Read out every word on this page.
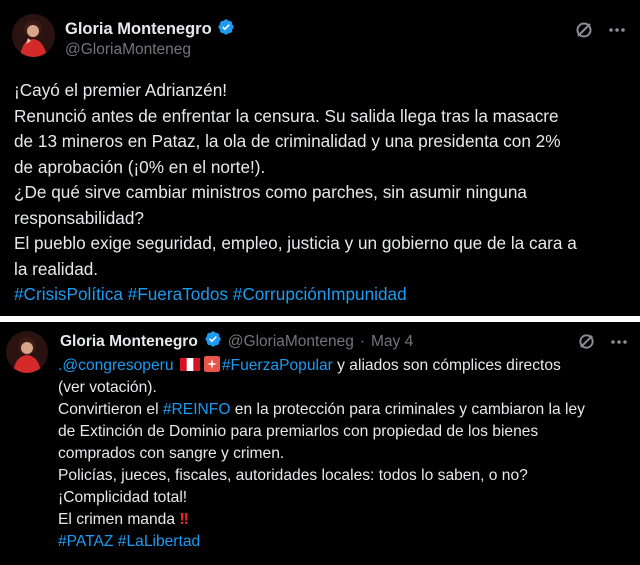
Gloria Montenegro
@GloriaMonteneg
¡Cayó el premier Adrianzén!
Renunció antes de enfrentar la censura. Su salida llega tras la masacre
de 13 mineros en Pataz, la ola de criminalidad y una presidenta con 2%
de aprobación (¡0% en el norte!).
¿De qué sirve cambiar ministros como parches, sin asumir ninguna
responsabilidad?
El pueblo exige seguridad, empleo, justicia y un gobierno que de la cara a
la realidad.
#CrisisPolítica #FueraTodos #CorrupciónImpunidad
Gloria Montenegro @GloriaMonteneg · May 4
.@congresoperu	#FuerzaPopular y aliados son cómplices directos
(ver votación).
Convirtieron el #REINFO en la protección para criminales y cambiaron la ley
de Extinción de Dominio para premiarlos con propiedad de los bienes
comprados con sangre y crimen.
Policías, jueces, fiscales, autoridades locales: todos lo saben, o no?
¡Complicidad total!
El crimen manda ‼
#PATAZ #LaLibertad
